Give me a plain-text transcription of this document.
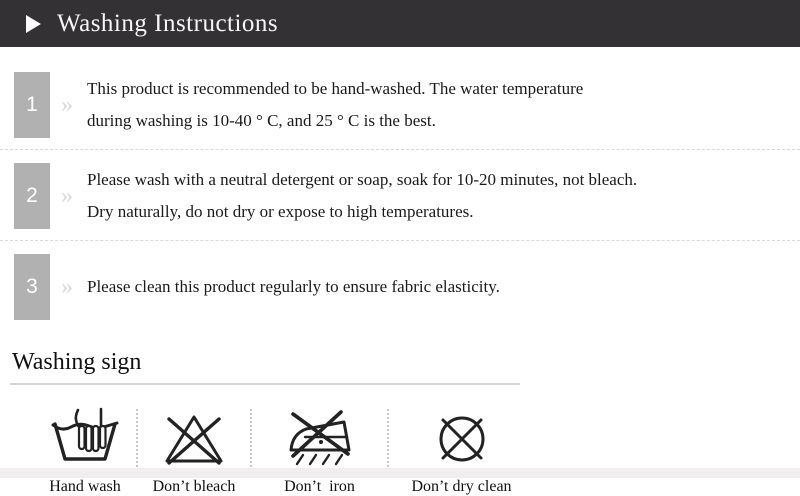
Washing Instructions
1 »

This product is recommended to be hand-washed. The water temperature

during washing is 10-40 ° C, and 25 ° C is the best.

2 »

Please wash with a neutral detergent or soap, soak for 10-20 minutes, not bleach.

Dry naturally, do not dry or expose to high temperatures.

3 » Please clean this product regularly to ensure fabric elasticity.

Washing sign
Hand wash Don’t bleach	Don’t  iron	Don’t dry clean
